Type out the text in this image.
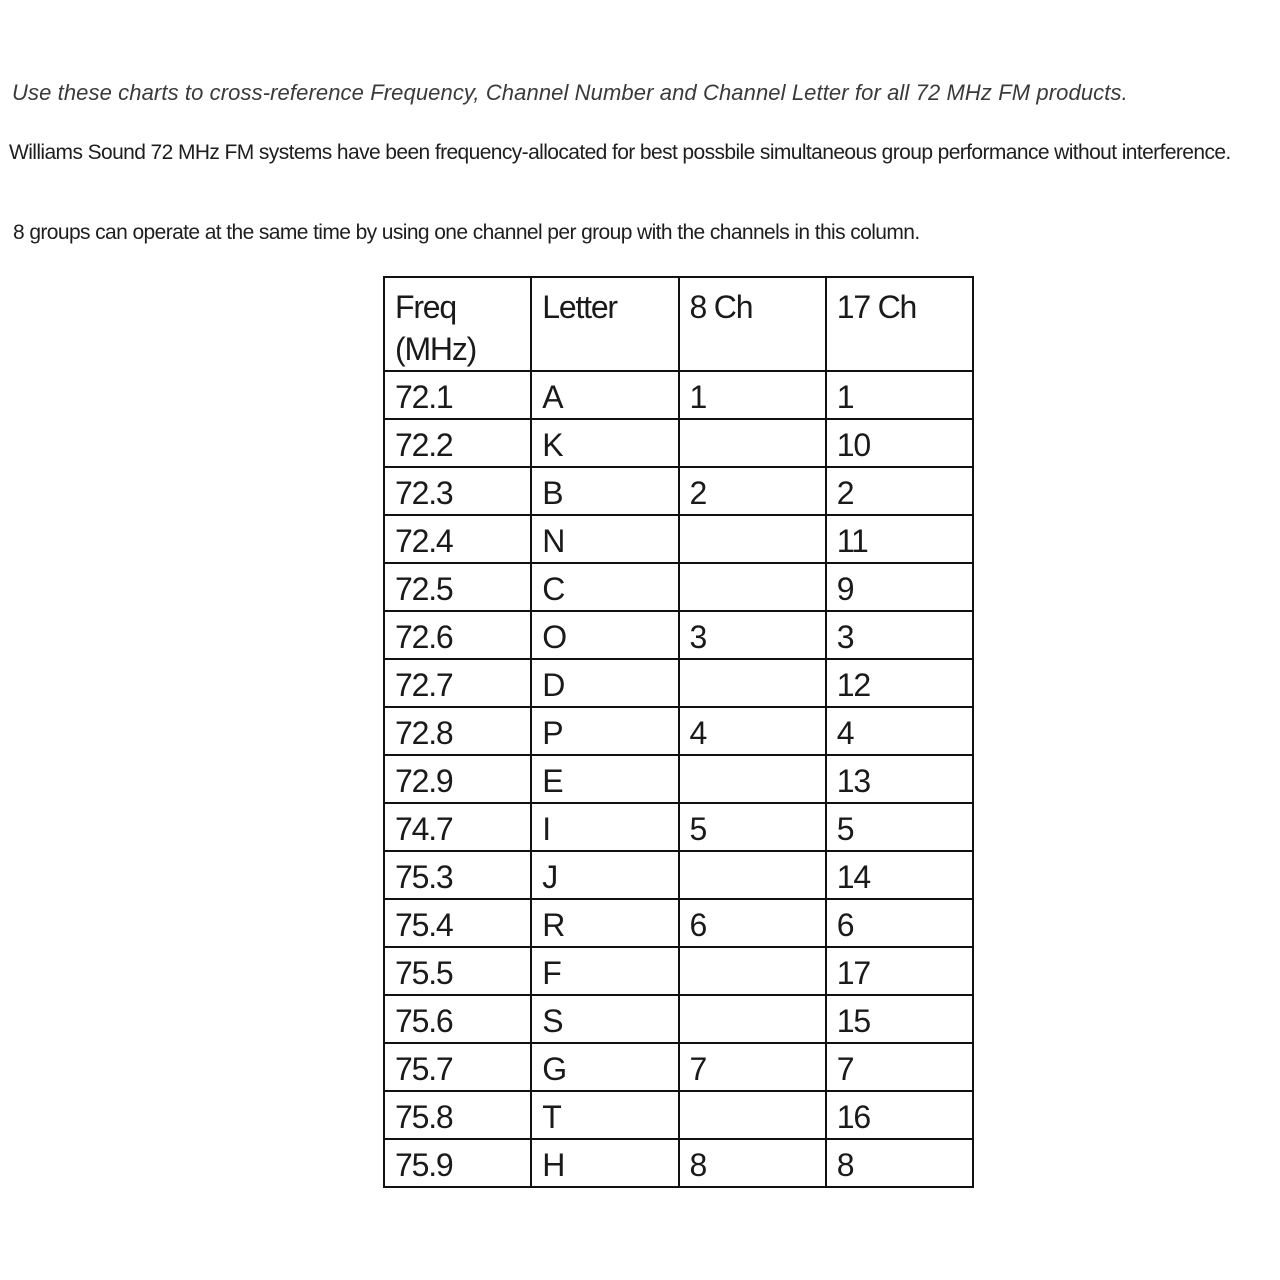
Use these charts to cross-reference Frequency, Channel Number and Channel Letter for all 72 MHz FM products.

Williams Sound 72 MHz FM systems have been frequency-allocated for best possbile simultaneous group performance without interference.

8 groups can operate at the same time by using one channel per group with the channels in this column.

Freq
(MHz)	Letter	8 Ch	17 Ch
72.1	A	1	1
72.2	K		10
72.3	B	2	2
72.4	N		11
72.5	C		9
72.6	O	3	3
72.7	D		12
72.8	P	4	4
72.9	E		13
74.7	I	5	5
75.3	J		14
75.4	R	6	6
75.5	F		17
75.6	S		15
75.7	G	7	7
75.8	T		16
75.9	H	8	8
